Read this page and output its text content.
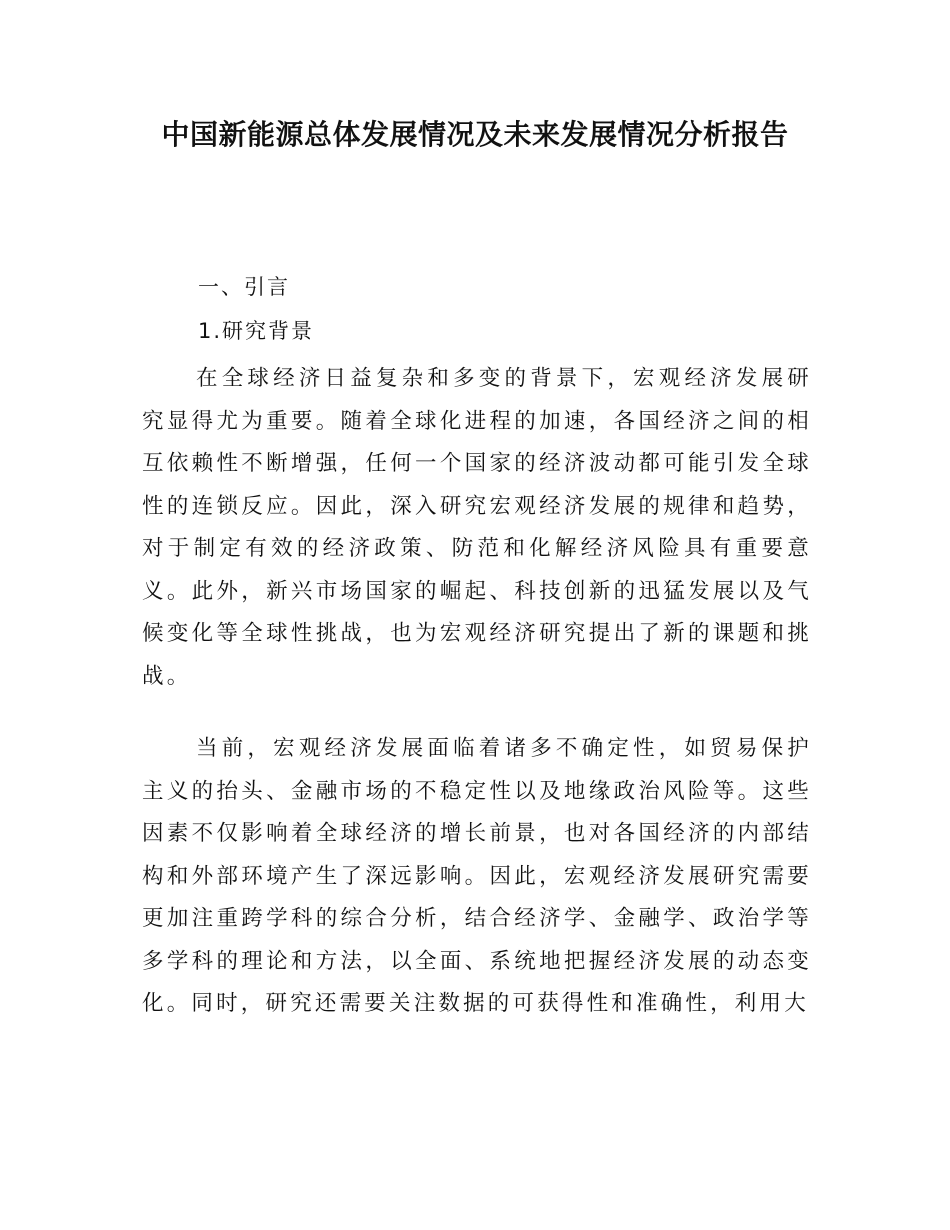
中国新能源总体发展情况及未来发展情况分析报告
一、引言
1.研究背景

在全球经济日益复杂和多变的背景下，宏观经济发展研究显得尤为重要。随着全球化进程的加速，各国经济之间的相互依赖性不断增强，任何一个国家的经济波动都可能引发全球性的连锁反应。因此，深入研究宏观经济发展的规律和趋势，对于制定有效的经济政策、防范和化解经济风险具有重要意义。此外，新兴市场国家的崛起、科技创新的迅猛发展以及气候变化等全球性挑战，也为宏观经济研究提出了新的课题和挑战。

当前，宏观经济发展面临着诸多不确定性，如贸易保护主义的抬头、金融市场的不稳定性以及地缘政治风险等。这些因素不仅影响着全球经济的增长前景，也对各国经济的内部结构和外部环境产生了深远影响。因此，宏观经济发展研究需要更加注重跨学科的综合分析，结合经济学、金融学、政治学等多学科的理论和方法，以全面、系统地把握经济发展的动态变化。同时，研究还需要关注数据的可获得性和准确性，利用大
